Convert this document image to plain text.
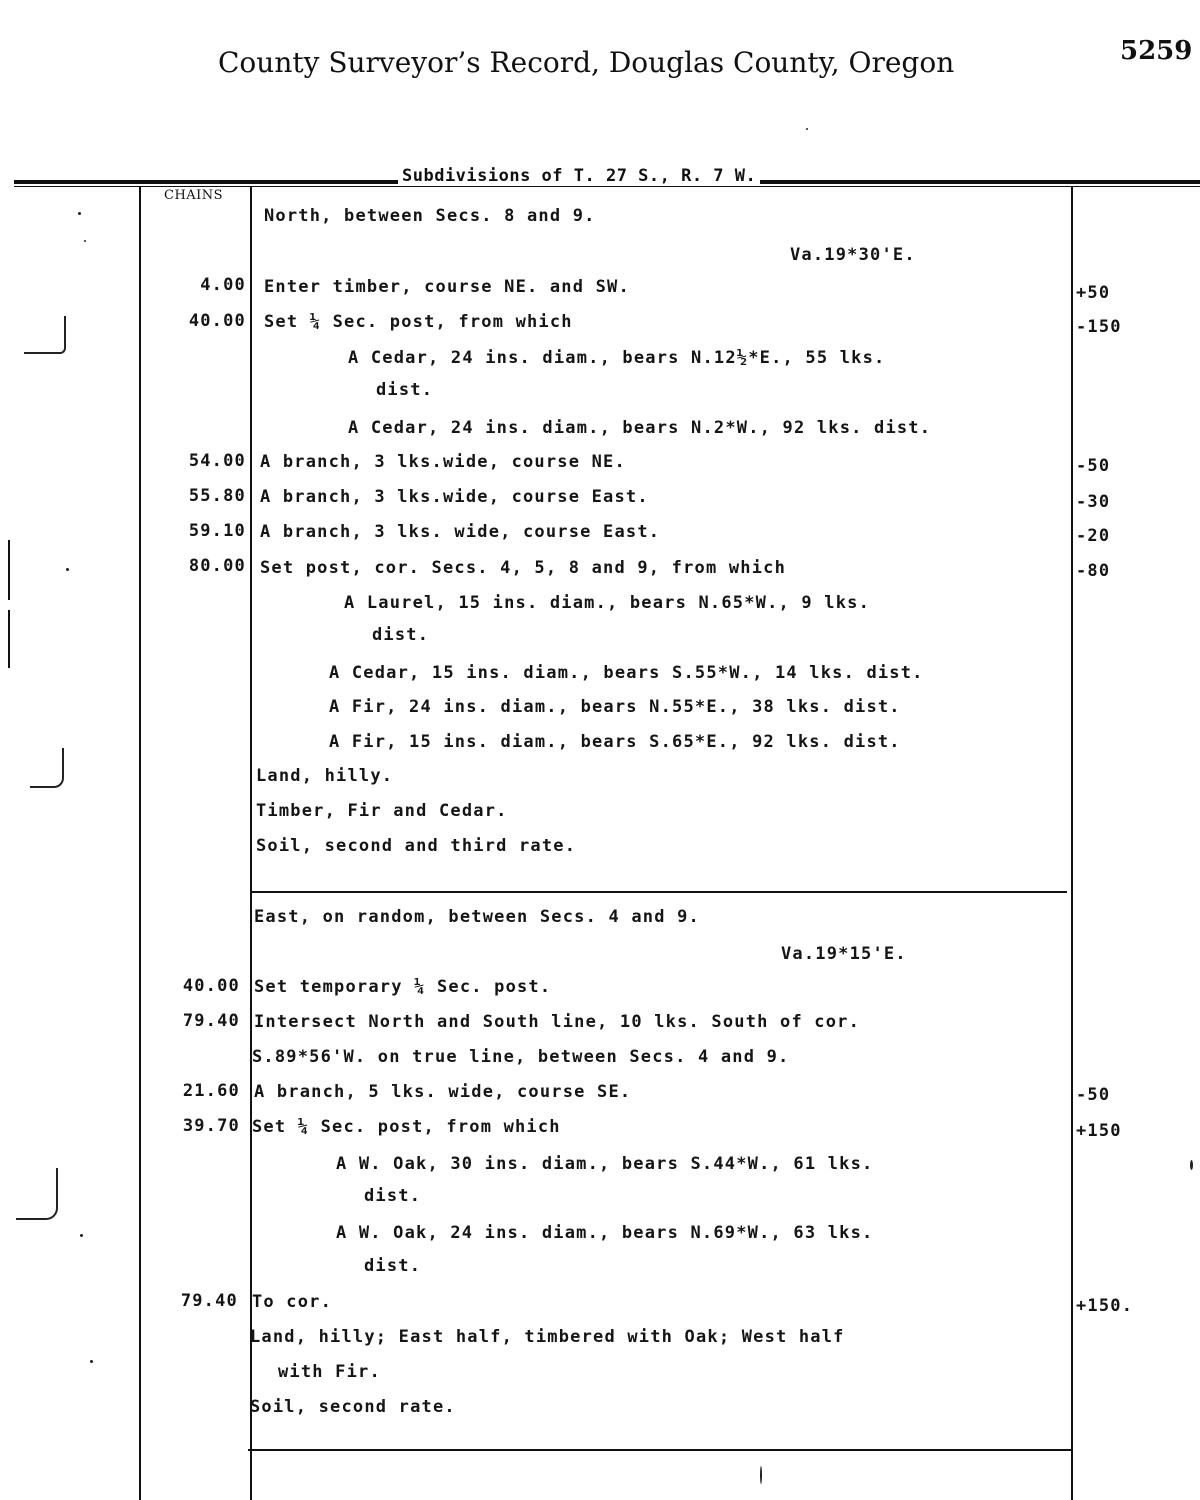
County Surveyor’s Record, Douglas County, Oregon	5259
Subdivisions of T. 27 S., R. 7 W.
CHAINS
4.00
40.00
54.00
55.80
59.10
80.00
40.00
79.40
21.60
39.70
79.40
North, between Secs. 8 and 9.
Va.19*30'E.
Enter timber, course NE. and SW.
Set ¼ Sec. post, from which
A Cedar, 24 ins. diam., bears N.12½*E., 55 lks.
dist.
A Cedar, 24 ins. diam., bears N.2*W., 92 lks. dist.
A branch, 3 lks.wide, course NE.
A branch, 3 lks.wide, course East.
A branch, 3 lks. wide, course East.
Set post, cor. Secs. 4, 5, 8 and 9, from which
A Laurel, 15 ins. diam., bears N.65*W., 9 lks.
dist.
A Cedar, 15 ins. diam., bears S.55*W., 14 lks. dist.
A Fir, 24 ins. diam., bears N.55*E., 38 lks. dist.
A Fir, 15 ins. diam., bears S.65*E., 92 lks. dist.
Land, hilly.
Timber, Fir and Cedar.
Soil, second and third rate.
East, on random, between Secs. 4 and 9.
Va.19*15'E.
Set temporary ¼ Sec. post.
Intersect North and South line, 10 lks. South of cor.
S.89*56'W. on true line, between Secs. 4 and 9.
A branch, 5 lks. wide, course SE.
Set ¼ Sec. post, from which
A W. Oak, 30 ins. diam., bears S.44*W., 61 lks.
dist.
A W. Oak, 24 ins. diam., bears N.69*W., 63 lks.
dist.
To cor.
Land, hilly; East half, timbered with Oak; West half
with Fir.
Soil, second rate.
+50
-150
-50
-30
-20
-80
-50
+150
+150.
